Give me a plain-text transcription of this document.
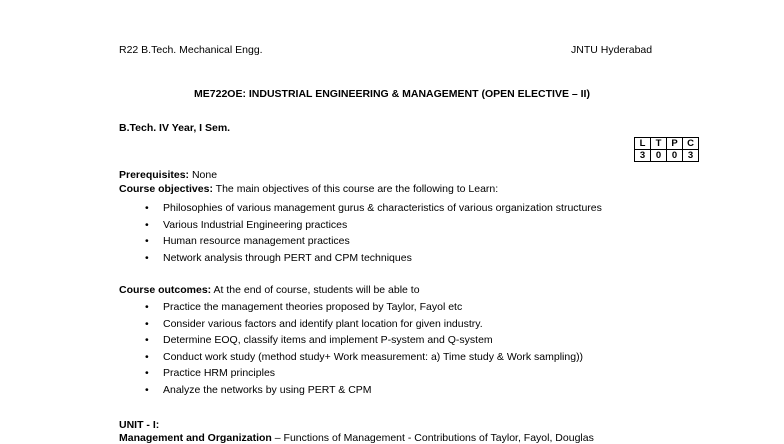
R22 B.Tech. Mechanical Engg.	JNTU Hyderabad
ME722OE: INDUSTRIAL ENGINEERING & MANAGEMENT (OPEN ELECTIVE – II)
B.Tech. IV Year, I Sem.
L	T	P	C
3	0	0	3
Prerequisites: None
Course objectives: The main objectives of this course are the following to Learn:
• Philosophies of various management gurus & characteristics of various organization structures
• Various Industrial Engineering practices
• Human resource management practices
• Network analysis through PERT and CPM techniques
Course outcomes: At the end of course, students will be able to
• Practice the management theories proposed by Taylor, Fayol etc
• Consider various factors and identify plant location for given industry.
• Determine EOQ, classify items and implement P-system and Q-system
• Conduct work study (method study+ Work measurement: a) Time study & Work sampling))
• Practice HRM principles
• Analyze the networks by using PERT & CPM
UNIT - I:
Management and Organization – Functions of Management - Contributions of Taylor, Fayol, Douglas
